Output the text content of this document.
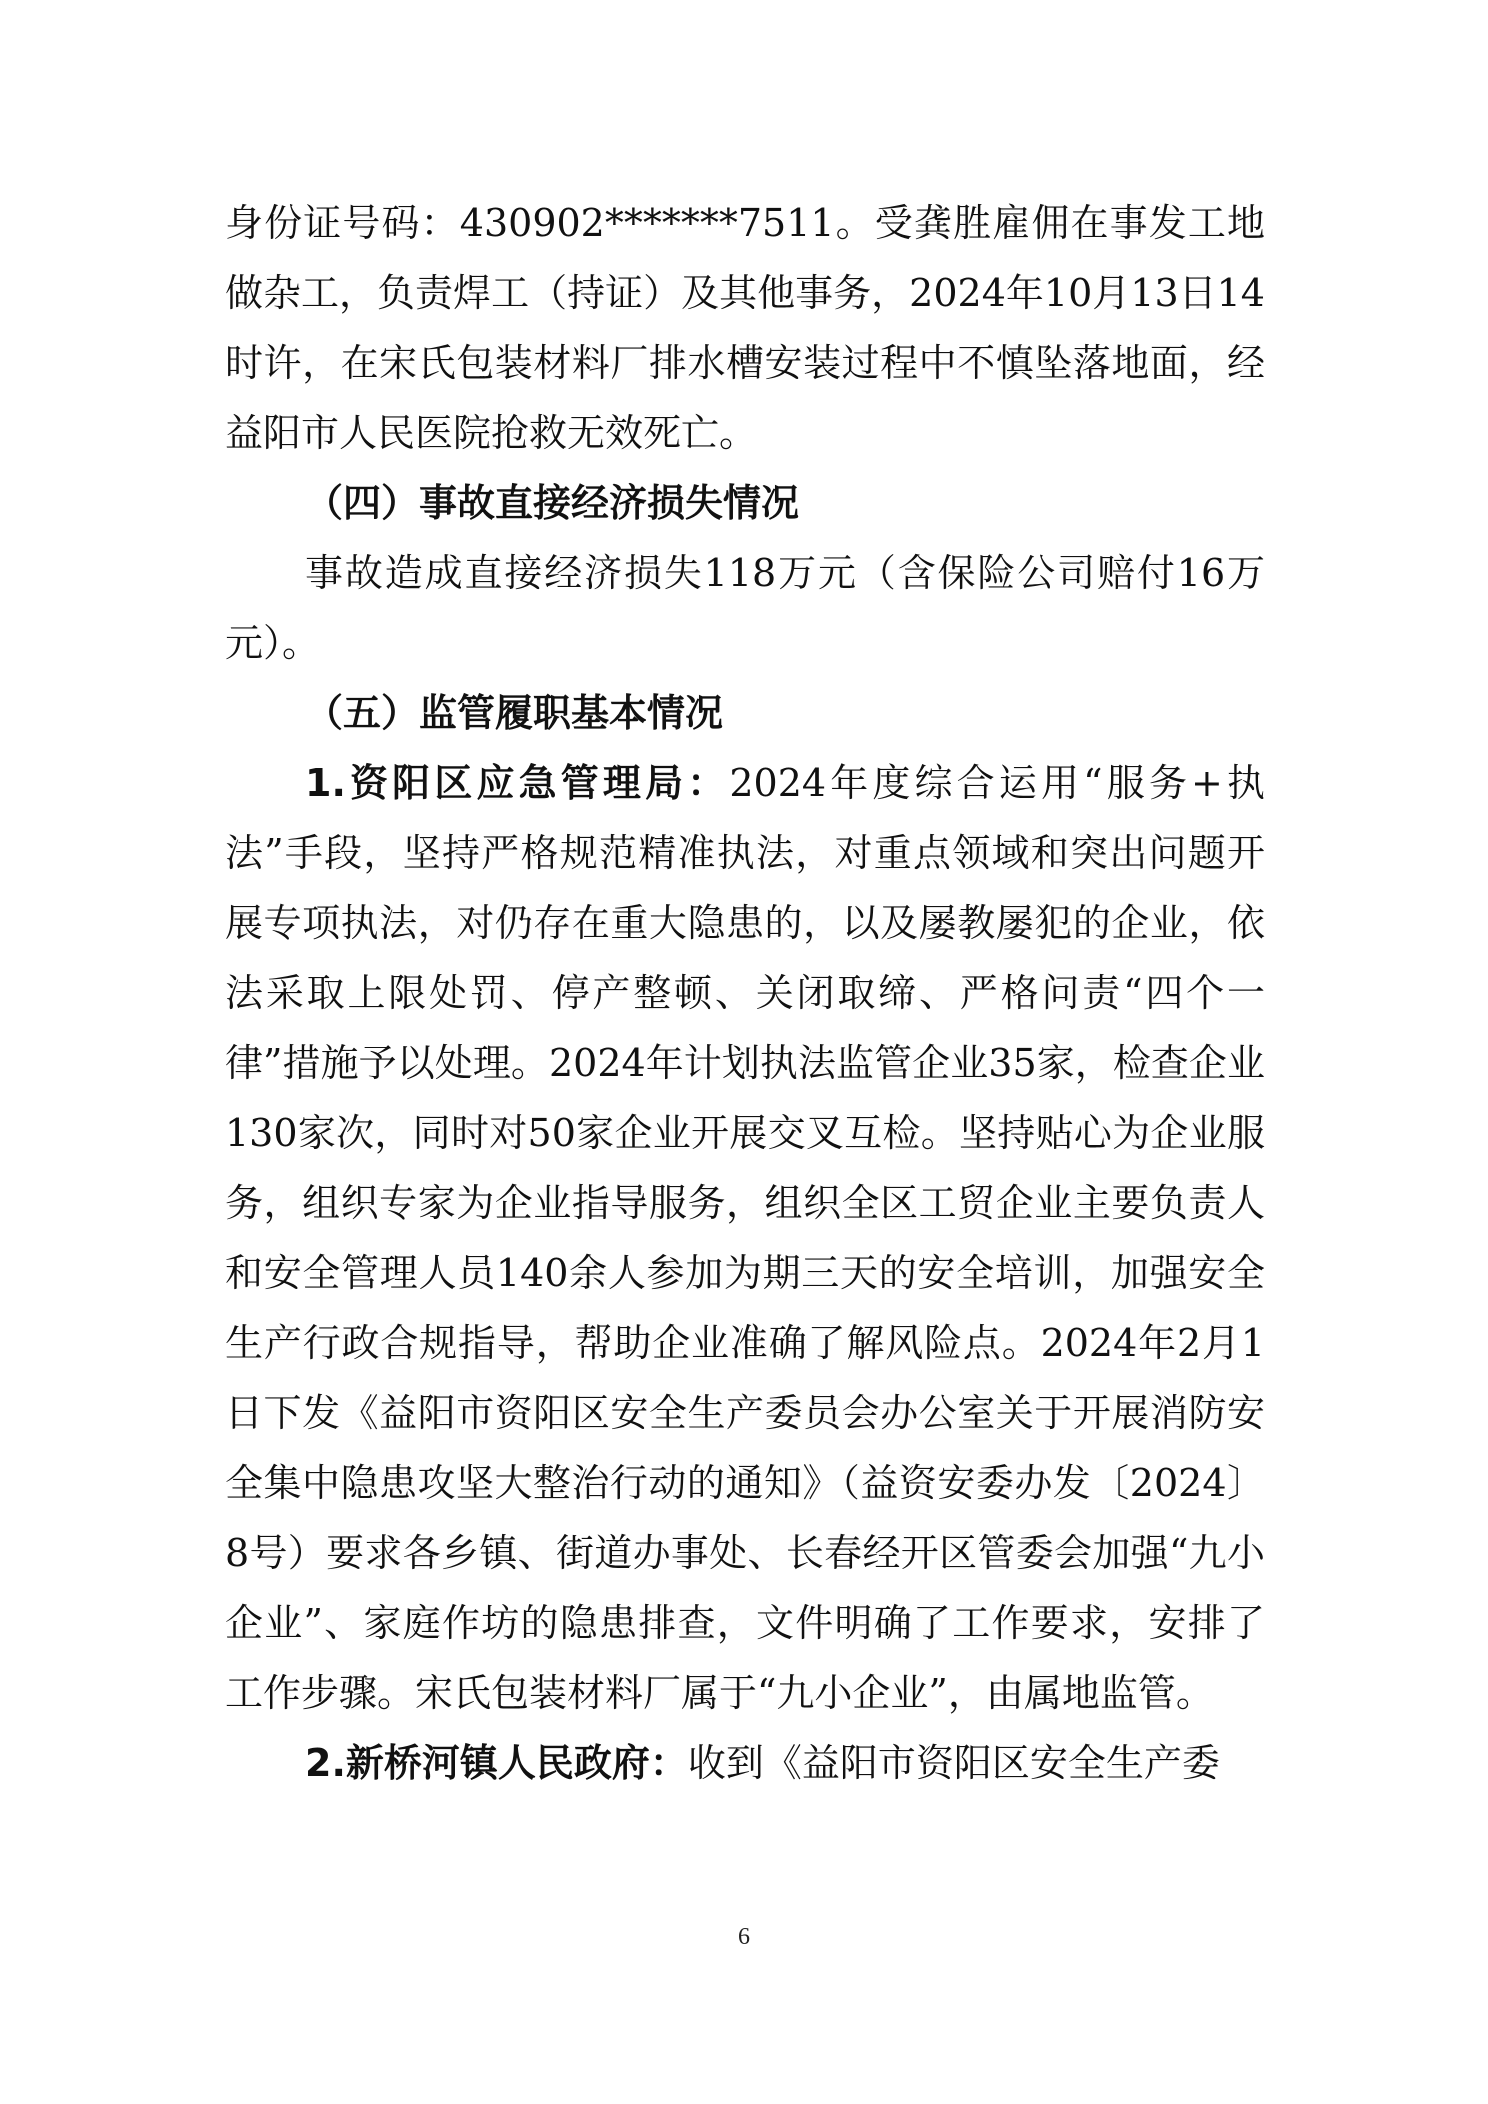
身份证号码：430902*******7511。受龚胜雇佣在事发工地做杂工，负责焊工（持证）及其他事务，2024年10月13日14时许，在宋氏包装材料厂排水槽安装过程中不慎坠落地面，经益阳市人民医院抢救无效死亡。

（四）事故直接经济损失情况

事故造成直接经济损失118万元（含保险公司赔付16万元）。

（五）监管履职基本情况

1.资阳区应急管理局：2024年度综合运用“服务+执法”手段，坚持严格规范精准执法，对重点领域和突出问题开展专项执法，对仍存在重大隐患的，以及屡教屡犯的企业，依法采取上限处罚、停产整顿、关闭取缔、严格问责“四个一律”措施予以处理。2024年计划执法监管企业35家，检查企业130家次，同时对50家企业开展交叉互检。坚持贴心为企业服务，组织专家为企业指导服务，组织全区工贸企业主要负责人和安全管理人员140余人参加为期三天的安全培训，加强安全生产行政合规指导，帮助企业准确了解风险点。2024年2月1日下发《益阳市资阳区安全生产委员会办公室关于开展消防安全集中隐患攻坚大整治行动的通知》（益资安委办发〔2024〕8号）要求各乡镇、街道办事处、长春经开区管委会加强“九小企业”、家庭作坊的隐患排查，文件明确了工作要求，安排了工作步骤。宋氏包装材料厂属于“九小企业”，由属地监管。

2.新桥河镇人民政府：收到《益阳市资阳区安全生产委

6
